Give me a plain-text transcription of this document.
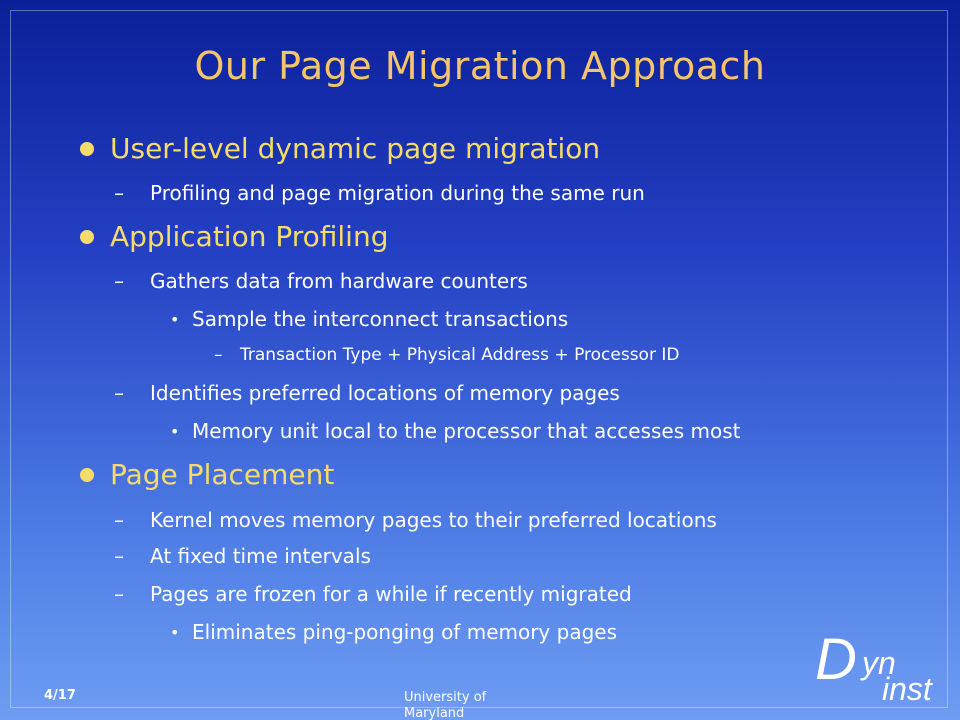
Our Page Migration Approach
User-level dynamic page migration
–	Profiling and page migration during the same run
Application Profiling
–	Gathers data from hardware counters
• Sample the interconnect transactions
–	Transaction Type + Physical Address + Processor ID
–	Identifies preferred locations of memory pages
• Memory unit local to the processor that accesses most
Page Placement
–	Kernel moves memory pages to their preferred locations
–	At fixed time intervals
–	Pages are frozen for a while if recently migrated
• Eliminates ping-ponging of memory pages
4/17	University of Maryland
D yn
inst
